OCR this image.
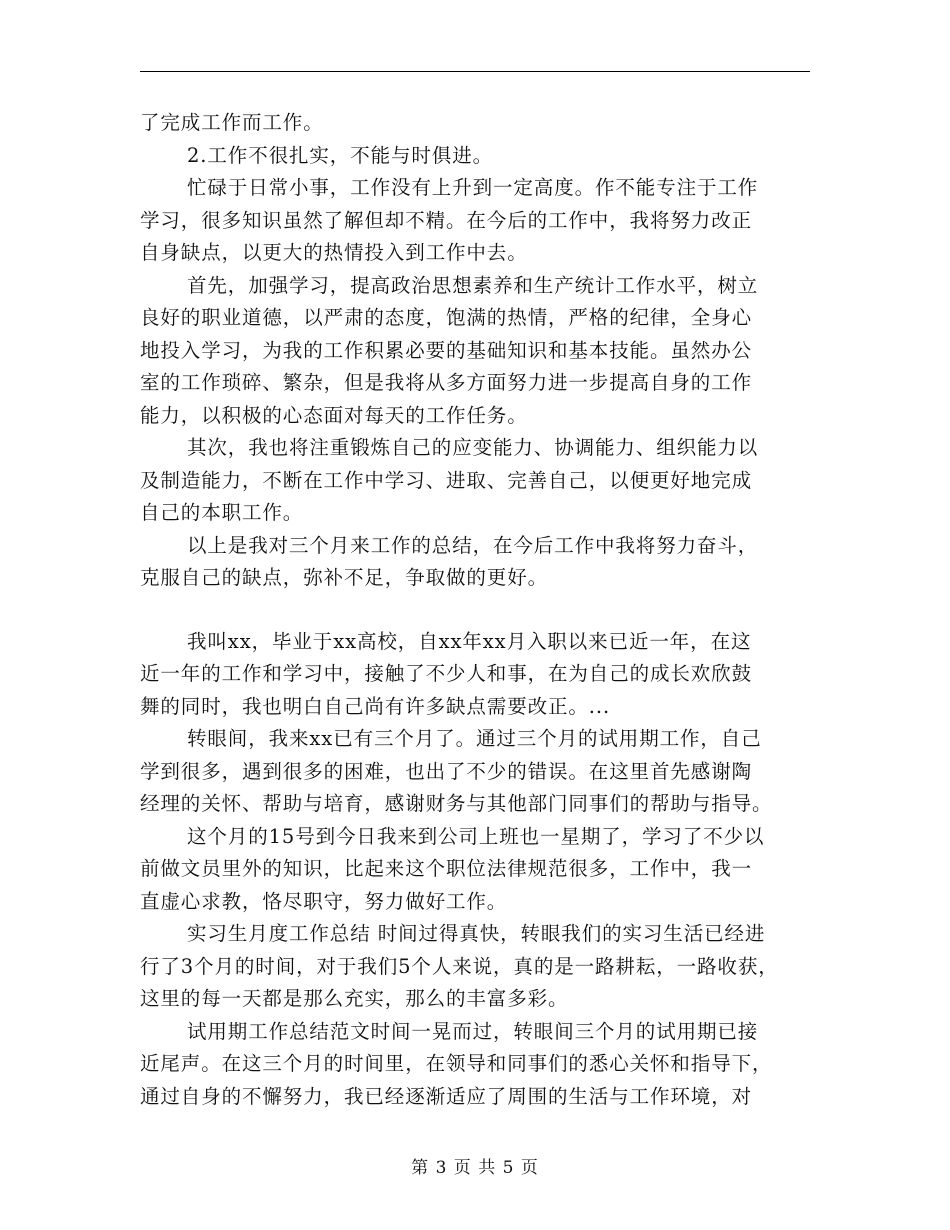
了完成工作而工作。
2.工作不很扎实，不能与时俱进。
忙碌于日常小事，工作没有上升到一定高度。作不能专注于工作
学习，很多知识虽然了解但却不精。在今后的工作中，我将努力改正
自身缺点，以更大的热情投入到工作中去。
首先，加强学习，提高政治思想素养和生产统计工作水平，树立
良好的职业道德，以严肃的态度，饱满的热情，严格的纪律，全身心
地投入学习，为我的工作积累必要的基础知识和基本技能。虽然办公
室的工作琐碎、繁杂，但是我将从多方面努力进一步提高自身的工作
能力，以积极的心态面对每天的工作任务。
其次，我也将注重锻炼自己的应变能力、协调能力、组织能力以
及制造能力，不断在工作中学习、进取、完善自己，以便更好地完成
自己的本职工作。
以上是我对三个月来工作的总结，在今后工作中我将努力奋斗，
克服自己的缺点，弥补不足，争取做的更好。
我叫xx，毕业于xx高校，自xx年xx月入职以来已近一年，在这
近一年的工作和学习中，接触了不少人和事，在为自己的成长欢欣鼓
舞的同时，我也明白自己尚有许多缺点需要改正。...
转眼间，我来xx已有三个月了。通过三个月的试用期工作，自己
学到很多，遇到很多的困难，也出了不少的错误。在这里首先感谢陶
经理的关怀、帮助与培育，感谢财务与其他部门同事们的帮助与指导。
这个月的15号到今日我来到公司上班也一星期了，学习了不少以
前做文员里外的知识，比起来这个职位法律规范很多，工作中，我一
直虚心求教，恪尽职守，努力做好工作。
实习生月度工作总结 时间过得真快，转眼我们的实习生活已经进
行了3个月的时间，对于我们5个人来说，真的是一路耕耘，一路收获，
这里的每一天都是那么充实，那么的丰富多彩。
试用期工作总结范文时间一晃而过，转眼间三个月的试用期已接
近尾声。在这三个月的时间里，在领导和同事们的悉心关怀和指导下，
通过自身的不懈努力，我已经逐渐适应了周围的生活与工作环境，对
第 3 页 共 5 页
